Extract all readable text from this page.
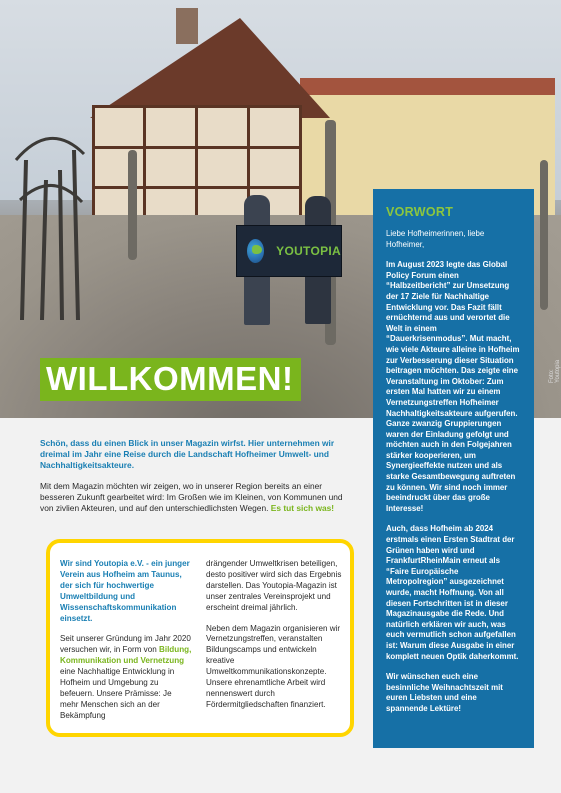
YOUTOPIA
WILLKOMMEN!	Foto: Youtopia
Schön, dass du einen Blick in unser Magazin wirfst. Hier unternehmen wir dreimal im Jahr eine Reise durch die Landschaft Hofheimer Umwelt- und Nachhaltigkeitsakteure.
Mit dem Magazin möchten wir zeigen, wo in unserer Region bereits an einer besseren Zukunft gearbeitet wird: Im Großen wie im Kleinen, von Kommunen und von zivlien Akteuren, und auf den unterschiedlichsten Wegen. Es tut sich was!
Wir sind Youtopia e.V. - ein junger Verein aus Hofheim am Taunus, der sich für hochwertige Umweltbildung und Wissenschaftskommunikation einsetzt.

Seit unserer Gründung im Jahr 2020 versuchen wir, in Form von Bildung, Kommunikation und Vernetzung eine Nachhaltige Entwicklung in Hofheim und Umgebung zu befeuern. Unsere Prämisse: Je mehr Menschen sich an der Bekämpfung

drängender Umweltkrisen beteiligen, desto positiver wird sich das Ergebnis darstellen. Das Youtopia-Magazin ist unser zentrales Vereinsprojekt und erscheint dreimal jährlich.

Neben dem Magazin organisieren wir Vernetzungstreffen, veranstalten Bildungscamps und entwickeln kreative Umweltkommunikationskonzepte. Unsere ehrenamtliche Arbeit wird nennenswert durch Fördermitgliedschaften finanziert.

VORWORT

Liebe Hofheimerinnen, liebe Hofheimer,

Im August 2023 legte das Global Policy Forum einen “Halbzeitbericht” zur Umsetzung der 17 Ziele für Nachhaltige Entwicklung vor. Das Fazit fällt ernüchternd aus und verortet die Welt in einem “Dauerkrisenmodus”. Mut macht, wie viele Akteure alleine in Hofheim zur Verbesserung dieser Situation beitragen möchten. Das zeigte eine Veranstaltung im Oktober: Zum ersten Mal hatten wir zu einem Vernetzungstreffen Hofheimer Nachhaltigkeitsakteure aufgerufen. Ganze zwanzig Gruppierungen waren der Einladung gefolgt und möchten auch in den Folgejahren stärker kooperieren, um Synergieeffekte nutzen und als starke Gesamtbewegung auftreten zu können. Wir sind noch immer beeindruckt über das große Interesse!

Auch, dass Hofheim ab 2024 erstmals einen Ersten Stadtrat der Grünen haben wird und FrankfurtRheinMain erneut als “Faire Europäische Metropolregion” ausgezeichnet wurde, macht Hoffnung. Von all diesen Fortschritten ist in dieser Magazinausgabe die Rede. Und natürlich erklären wir auch, was euch vermutlich schon aufgefallen ist: Warum diese Ausgabe in einer komplett neuen Optik daherkommt.

Wir wünschen euch eine besinnliche Weihnachtszeit mit euren Liebsten und eine spannende Lektüre!
